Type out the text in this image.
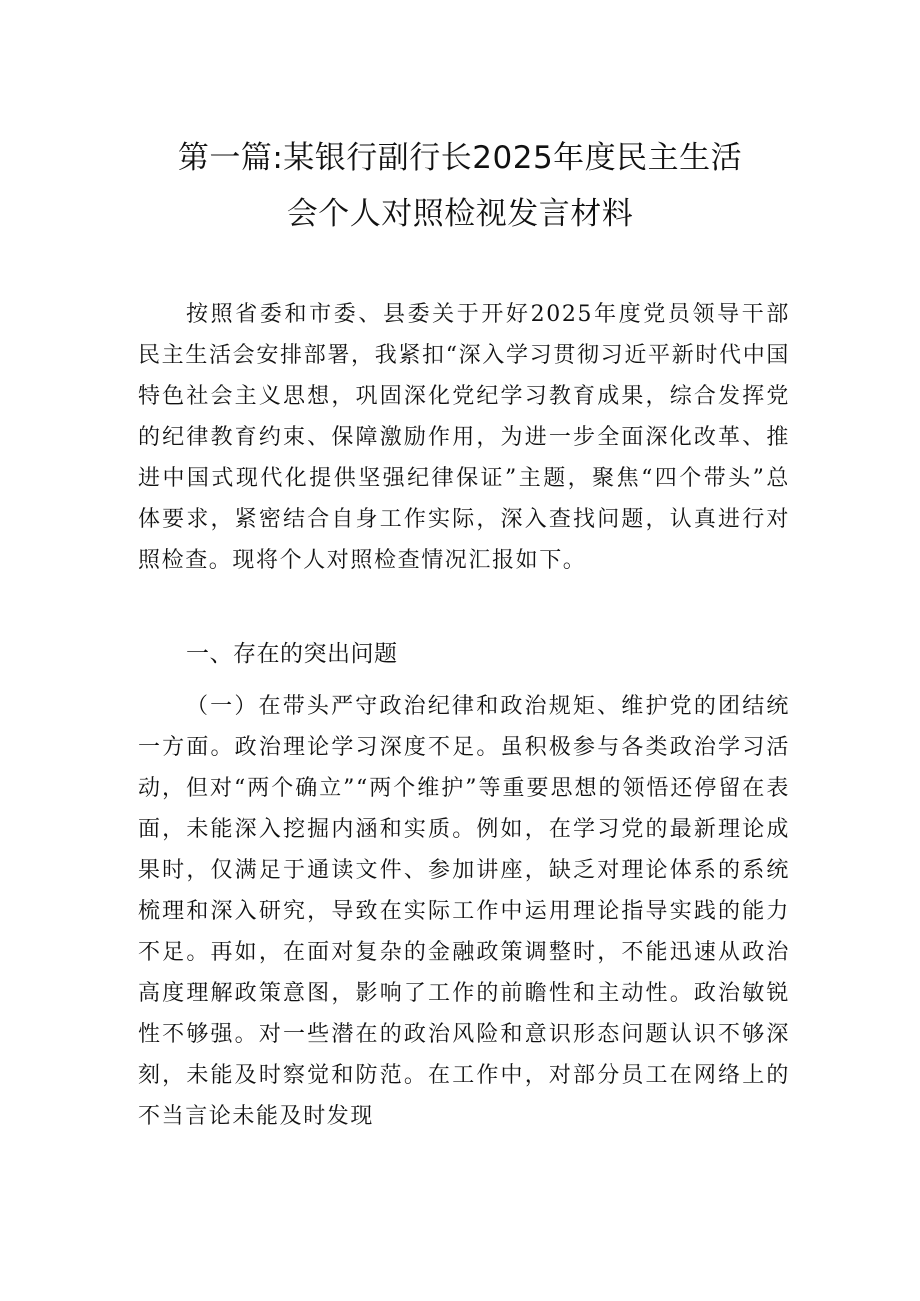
第一篇:某银行副行长2025年度民主生活
会个人对照检视发言材料
按照省委和市委、县委关于开好2025年度党员领导干部民主生活会安排部署，我紧扣“深入学习贯彻习近平新时代中国特色社会主义思想，巩固深化党纪学习教育成果，综合发挥党的纪律教育约束、保障激励作用，为进一步全面深化改革、推进中国式现代化提供坚强纪律保证”主题，聚焦“四个带头”总体要求，紧密结合自身工作实际，深入查找问题，认真进行对照检查。现将个人对照检查情况汇报如下。
一、存在的突出问题
（一）在带头严守政治纪律和政治规矩、维护党的团结统一方面。政治理论学习深度不足。虽积极参与各类政治学习活动，但对“两个确立”“两个维护”等重要思想的领悟还停留在表面，未能深入挖掘内涵和实质。例如，在学习党的最新理论成果时，仅满足于通读文件、参加讲座，缺乏对理论体系的系统梳理和深入研究，导致在实际工作中运用理论指导实践的能力不足。再如，在面对复杂的金融政策调整时，不能迅速从政治高度理解政策意图，影响了工作的前瞻性和主动性。政治敏锐性不够强。对一些潜在的政治风险和意识形态问题认识不够深刻，未能及时察觉和防范。在工作中，对部分员工在网络上的不当言论未能及时发现
